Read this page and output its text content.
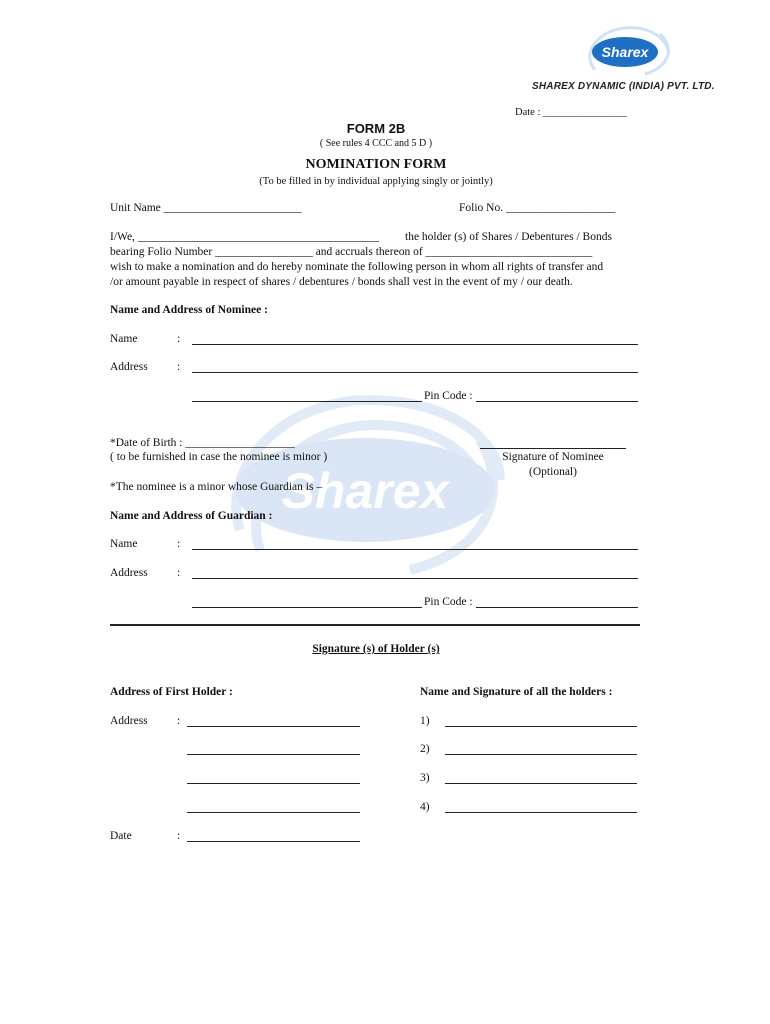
Sharex
Sharex
SHAREX DYNAMIC (INDIA) PVT. LTD.
Date : ________________
FORM 2B
( See rules 4 CCC and 5 D )
NOMINATION FORM
(To be filled in by individual applying singly or jointly)
Unit Name ________________________	Folio No. ___________________
I/We, __________________________________________ the holder (s) of Shares / Debentures / Bonds
bearing Folio Number _________________ and accruals thereon of _____________________________
wish to make a nomination and do hereby nominate the following person in whom all rights of transfer and
/or amount payable in respect of shares / debentures / bonds shall vest in the event of my / our death.
Name and Address of Nominee :
Name	:
Address	:
Pin Code :
*Date of Birth : ___________________
( to be furnished in case the nominee is minor )	Signature of Nominee
(Optional)
*The nominee is a minor whose Guardian is –
Name and Address of Guardian :
Name	:
Address	:
Pin Code :
Signature (s) of Holder (s)
Address of First Holder :	Name and Signature of all the holders :
Address	:	1)
2)
3)
4)
Date	:
